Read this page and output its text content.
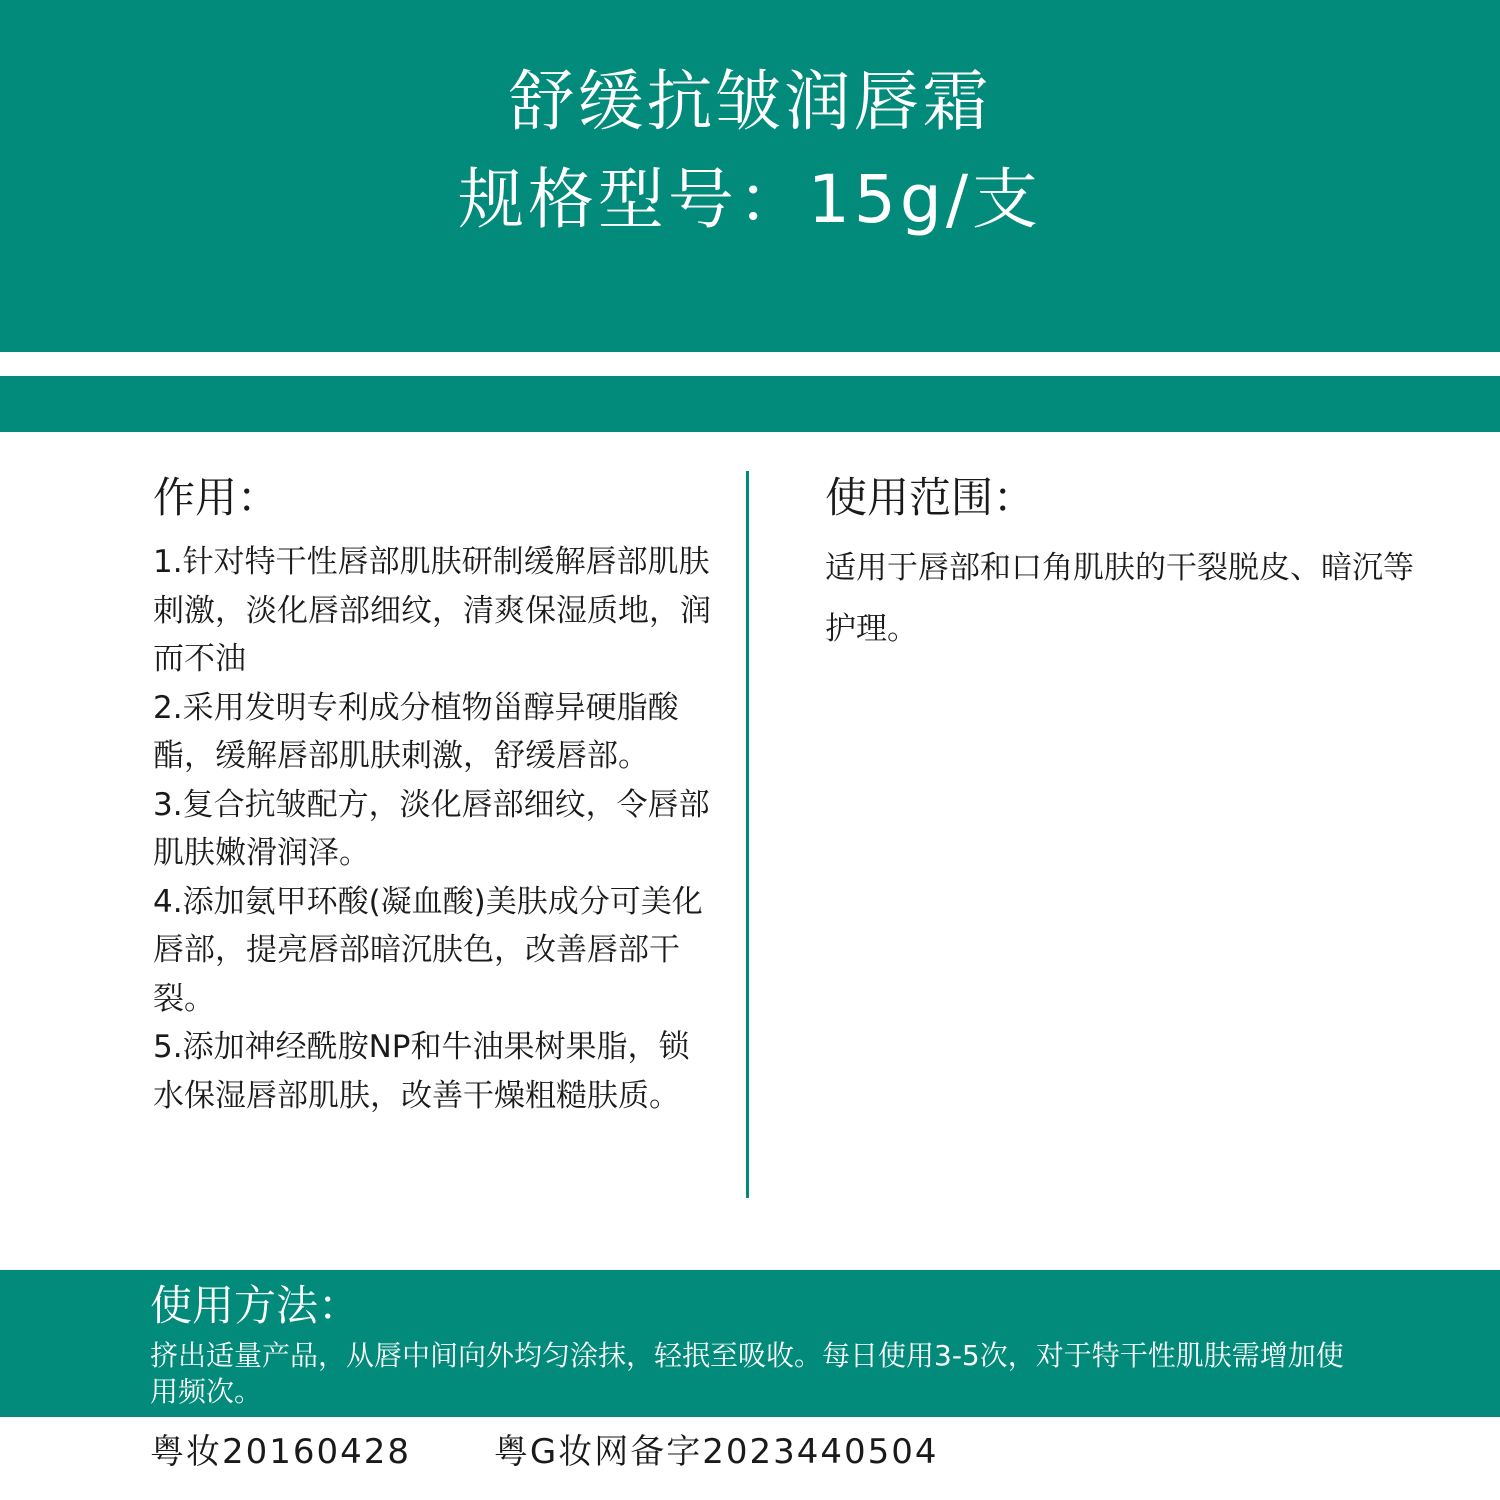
舒缓抗皱润唇霜
规格型号：15g/支
作用：

1.针对特干性唇部肌肤研制缓解唇部肌肤刺激，淡化唇部细纹，清爽保湿质地，润而不油

2.采用发明专利成分植物甾醇异硬脂酸酯，缓解唇部肌肤刺激，舒缓唇部。

3.复合抗皱配方，淡化唇部细纹，令唇部肌肤嫩滑润泽。

4.添加氨甲环酸(凝血酸)美肤成分可美化唇部，提亮唇部暗沉肤色，改善唇部干裂。

5.添加神经酰胺NP和牛油果树果脂，锁水保湿唇部肌肤，改善干燥粗糙肤质。

使用范围：

适用于唇部和口角肌肤的干裂脱皮、暗沉等护理。

使用方法：
挤出适量产品，从唇中间向外均匀涂抹，轻抿至吸收。每日使用3-5次，对于特干性肌肤需增加使用频次。
粤妆20160428 粤G妆网备字2023440504
